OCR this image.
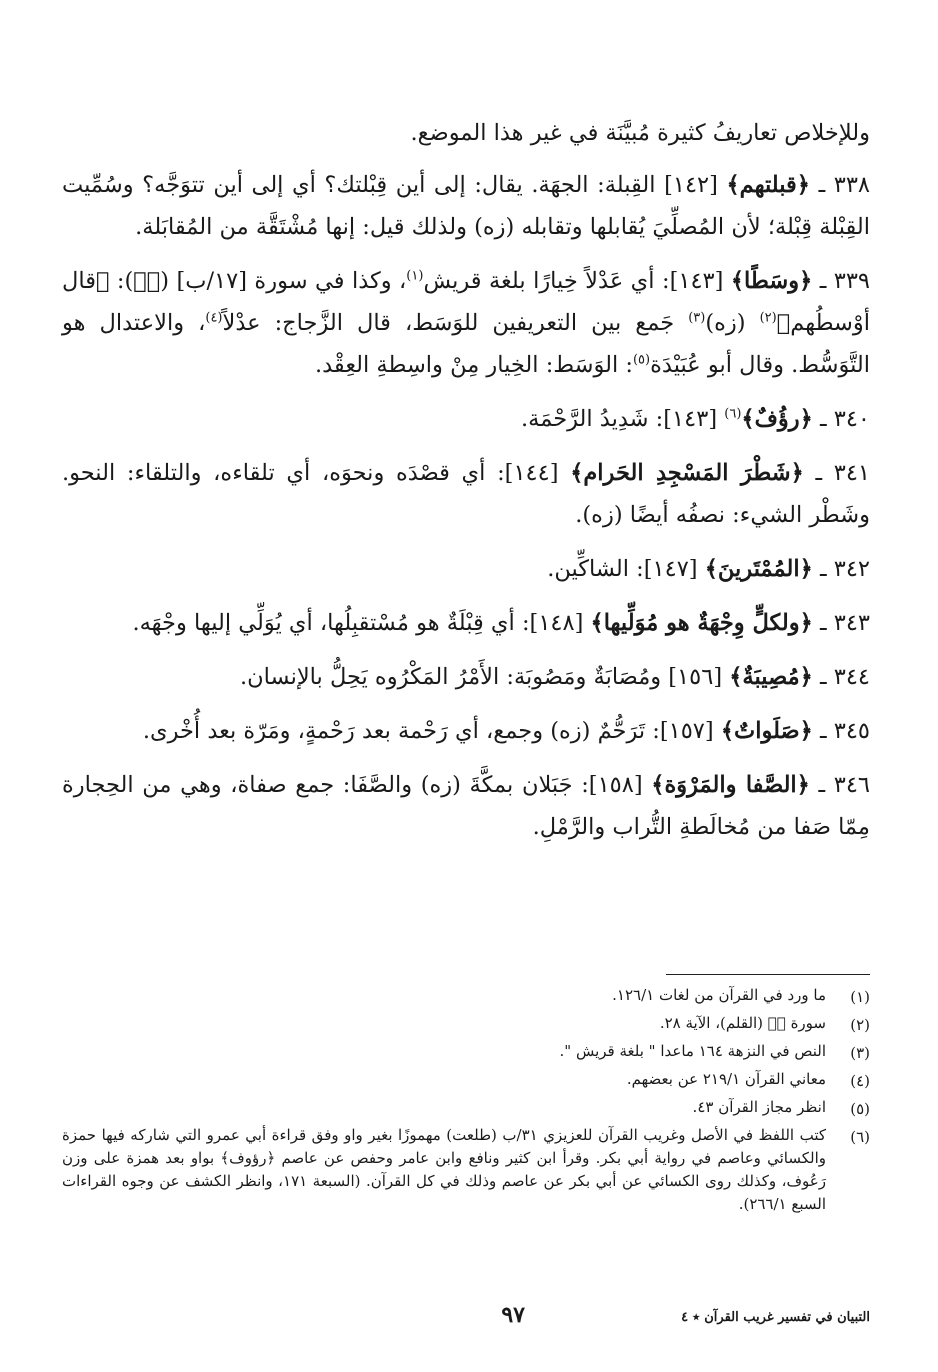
وللإخلاص تعاريفُ كثيرة مُبيَّنَة في غير هذا الموضع.

٣٣٨ ـ ﴿قبلتهم﴾ [١٤٢] القِبلة: الجهَة. يقال: إلى أين قِبْلتك؟ أي إلى أين تتوَجَّه؟ وسُمِّيت القِبْلة قِبْلة؛ لأن المُصلِّيَ يُقابلها وتقابله (زه) ولذلك قيل: إنها مُشْتَقَّة من المُقابَلة.

٣٣٩ ـ ﴿وسَطًا﴾ [١٤٣]: أي عَدْلاً خِيارًا بلغة قريش$^{(١)}$، وكذا في سورة [١٧/ب] (نۤ): ﴿قال أوْسطُهم﴾$^{(٢)}$ (زه)$^{(٣)}$ جَمع بين التعريفين للوَسَط، قال الزَّجاج: عدْلاً$^{(٤)}$، والاعتدال هو التَّوَسُّط. وقال أبو عُبَيْدَة$^{(٥)}$: الوَسَط: الخِيار مِنْ واسِطةِ العِقْد.

٣٤٠ ـ ﴿رؤُفٌ﴾$^{(٦)}$ [١٤٣]: شَدِيدُ الرَّحْمَة.

٣٤١ ـ ﴿شَطْرَ المَسْجِدِ الحَرام﴾ [١٤٤]: أي قصْدَه ونحوَه، أي تلقاءه، والتلقاء: النحو. وشَطْر الشيء: نصفُه أيضًا (زه).

٣٤٢ ـ ﴿المُمْتَرينَ﴾ [١٤٧]: الشاكِّين.

٣٤٣ ـ ﴿ولكلٍّ وِجْهَةٌ هو مُوَلِّيها﴾ [١٤٨]: أي قِبْلَةٌ هو مُسْتقبِلُها، أي يُوَلِّي إليها وجْهَه.

٣٤٤ ـ ﴿مُصِيبَةٌ﴾ [١٥٦] ومُصَابَةٌ ومَصُوبَة: الأَمْرُ المَكْرُوه يَحِلُّ بالإنسان.

٣٤٥ ـ ﴿صَلَواتٌ﴾ [١٥٧]: تَرَحُّمٌ (زه) وجمع، أي رَحْمة بعد رَحْمةٍ، ومَرّة بعد أُخْرى.

٣٤٦ ـ ﴿الصَّفا والمَرْوَة﴾ [١٥٨]: جَبَلان بمكَّةَ (زه) والصَّفَا: جمع صفاة، وهي من الحِجارة مِمّا صَفا من مُخالَطةِ التُّراب والرَّمْلِ.

(١)
ما ورد في القرآن من لغات ١٢٦/١.
(٢)
سورة نۤ (القلم)، الآية ٢٨.
(٣)
النص في النزهة ١٦٤ ماعدا " بلغة قريش ".
(٤)
معاني القرآن ٢١٩/١ عن بعضهم.
(٥)
انظر مجاز القرآن ٤٣.
(٦)
كتب اللفظ في الأصل وغريب القرآن للعزيزي ٣١/ب (طلعت) مهموزًا بغير واو وفق قراءة أبي عمرو التي شاركه فيها حمزة والكسائي وعاصم في رواية أبي بكر. وقرأ ابن كثير ونافع وابن عامر وحفص عن عاصم ﴿رؤوف﴾ بواو بعد همزة على وزن رَعُوف، وكذلك روى الكسائي عن أبي بكر عن عاصم وذلك في كل القرآن. (السبعة ١٧١، وانظر الكشف عن وجوه القراءات السبع ٢٦٦/١).
التبيان في تفسير غريب القرآن ٭ ٤
٩٧
